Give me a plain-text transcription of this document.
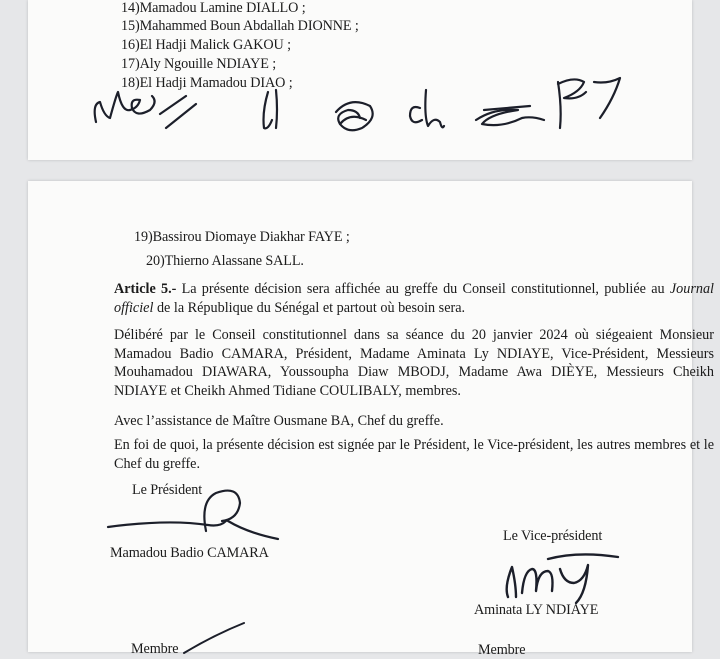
14)Mamadou Lamine DIALLO ;
15)Mahammed Boun Abdallah DIONNE ;
16)El Hadji Malick GAKOU ;
17)Aly Ngouille NDIAYE ;
18)El Hadji Mamadou DIAO ;
19)Bassirou Diomaye Diakhar FAYE ;
20)Thierno Alassane SALL.

Article 5.- La présente décision sera affichée au greffe du Conseil constitutionnel, publiée au Journal officiel de la République du Sénégal et partout où besoin sera.

Délibéré par le Conseil constitutionnel dans sa séance du 20 janvier 2024 où siégeaient Monsieur Mamadou Badio CAMARA, Président, Madame Aminata Ly NDIAYE, Vice-Président, Messieurs Mouhamadou DIAWARA, Youssoupha Diaw MBODJ, Madame Awa DIÈYE, Messieurs Cheikh NDIAYE et Cheikh Ahmed Tidiane COULIBALY, membres.

Avec l’assistance de Maître Ousmane BA, Chef du greffe.

En foi de quoi, la présente décision est signée par le Président, le Vice-président, les autres membres et le Chef du greffe.

Le Président
Mamadou Badio CAMARA
Le Vice-président
Aminata LY NDIAYE
Membre	Membre
